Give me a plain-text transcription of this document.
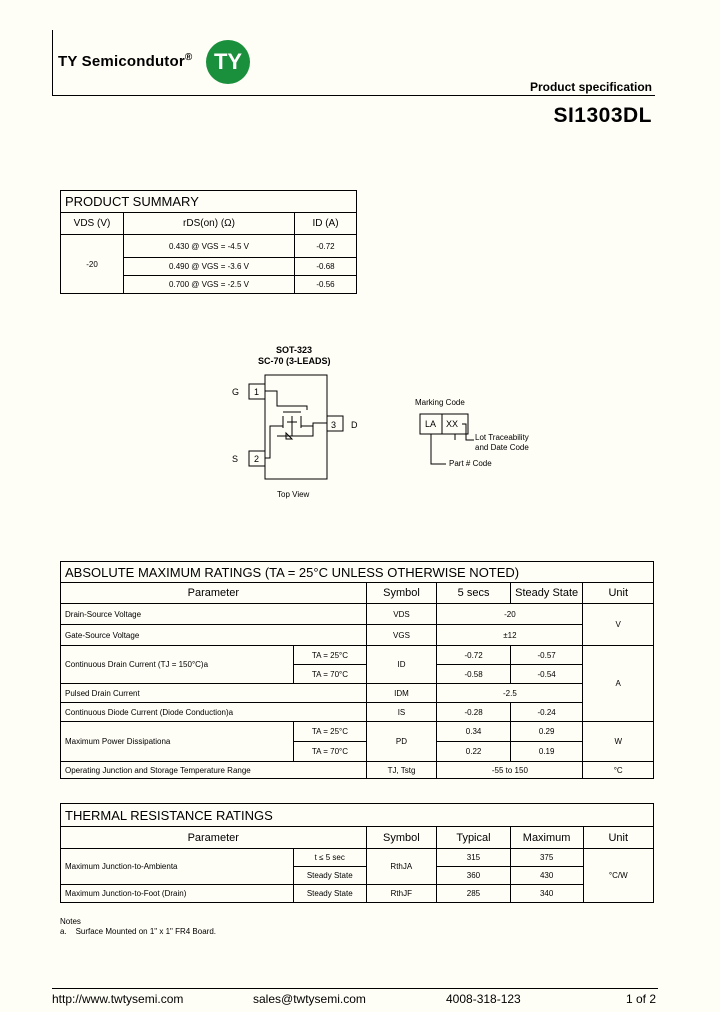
TY Semicondutor® TY
Product specification
SI1303DL
PRODUCT SUMMARY		
VDS (V)	rDS(on) (Ω)	ID (A)
-20	0.430 @ VGS = -4.5 V	-0.72
	0.490 @ VGS = -3.6 V	-0.68
	0.700 @ VGS = -2.5 V	-0.56
SOT-323
SC-70 (3-LEADS)
G
S
D
1
2
3
Top View
Marking Code
LA XX
Lot Traceability
and Date Code
Part # Code
ABSOLUTE MAXIMUM RATINGS (TA = 25°C UNLESS OTHERWISE NOTED)					
Parameter		Symbol	5 secs	Steady State	Unit
Drain-Source Voltage		VDS	-20		V
Gate-Source Voltage		VGS	±12		
Continuous Drain Current (TJ = 150°C)a	TA = 25°C	ID	-0.72	-0.57	A
	TA = 70°C		-0.58	-0.54	
Pulsed Drain Current		IDM	-2.5		
Continuous Diode Current (Diode Conduction)a		IS	-0.28	-0.24	
Maximum Power Dissipationa	TA = 25°C	PD	0.34	0.29	W
	TA = 70°C		0.22	0.19	
Operating Junction and Storage Temperature Range		TJ, Tstg	-55 to 150		°C
THERMAL RESISTANCE RATINGS					
Parameter		Symbol	Typical	Maximum	Unit
Maximum Junction-to-Ambienta	t ≤ 5 sec	RthJA	315	375	°C/W
	Steady State		360	430	
Maximum Junction-to-Foot (Drain)	Steady State	RthJF	285	340	
Notes
a.    Surface Mounted on 1" x 1" FR4 Board.
http://www.twtysemi.com	sales@twtysemi.com	4008-318-123	1 of 2
